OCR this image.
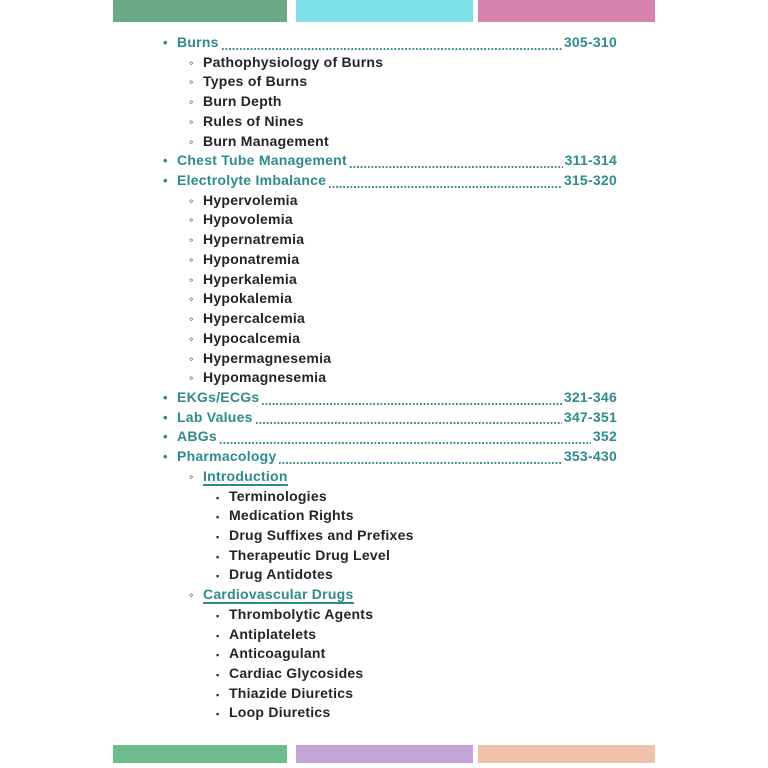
• Burns	305-310
◦ Pathophysiology of Burns
◦ Types of Burns
◦ Burn Depth
◦ Rules of Nines
◦ Burn Management
• Chest Tube Management	311-314
• Electrolyte Imbalance	315-320
◦ Hypervolemia
◦ Hypovolemia
◦ Hypernatremia
◦ Hyponatremia
◦ Hyperkalemia
◦ Hypokalemia
◦ Hypercalcemia
◦ Hypocalcemia
◦ Hypermagnesemia
◦ Hypomagnesemia
• EKGs/ECGs	321-346
• Lab Values	347-351
• ABGs	352
• Pharmacology	353-430
◦ Introduction
▪ Terminologies
▪ Medication Rights
▪ Drug Suffixes and Prefixes
▪ Therapeutic Drug Level
▪ Drug Antidotes
◦ Cardiovascular Drugs
▪ Thrombolytic Agents
▪ Antiplatelets
▪ Anticoagulant
▪ Cardiac Glycosides
▪ Thiazide Diuretics
▪ Loop Diuretics
